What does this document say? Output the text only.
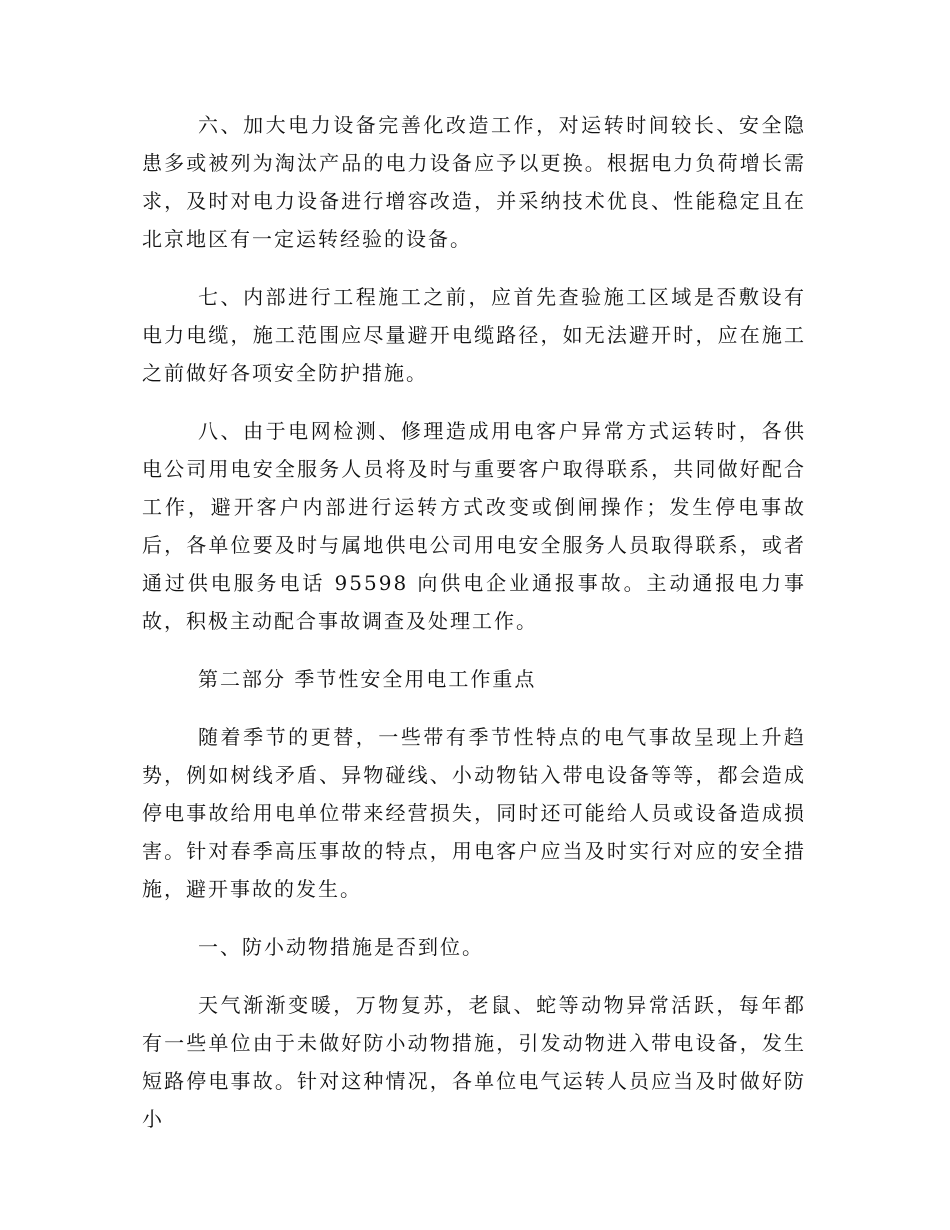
六、加大电力设备完善化改造工作，对运转时间较长、安全隐患多或被列为淘汰产品的电力设备应予以更换。根据电力负荷增长需求，及时对电力设备进行增容改造，并采纳技术优良、性能稳定且在北京地区有一定运转经验的设备。

七、内部进行工程施工之前，应首先查验施工区域是否敷设有电力电缆，施工范围应尽量避开电缆路径，如无法避开时，应在施工之前做好各项安全防护措施。

八、由于电网检测、修理造成用电客户异常方式运转时，各供电公司用电安全服务人员将及时与重要客户取得联系，共同做好配合工作，避开客户内部进行运转方式改变或倒闸操作；发生停电事故后，各单位要及时与属地供电公司用电安全服务人员取得联系，或者通过供电服务电话 95598 向供电企业通报事故。主动通报电力事故，积极主动配合事故调查及处理工作。

第二部分 季节性安全用电工作重点

随着季节的更替，一些带有季节性特点的电气事故呈现上升趋势，例如树线矛盾、异物碰线、小动物钻入带电设备等等，都会造成停电事故给用电单位带来经营损失，同时还可能给人员或设备造成损害。针对春季高压事故的特点，用电客户应当及时实行对应的安全措施，避开事故的发生。

一、防小动物措施是否到位。

天气渐渐变暖，万物复苏，老鼠、蛇等动物异常活跃，每年都有一些单位由于未做好防小动物措施，引发动物进入带电设备，发生短路停电事故。针对这种情况，各单位电气运转人员应当及时做好防小
